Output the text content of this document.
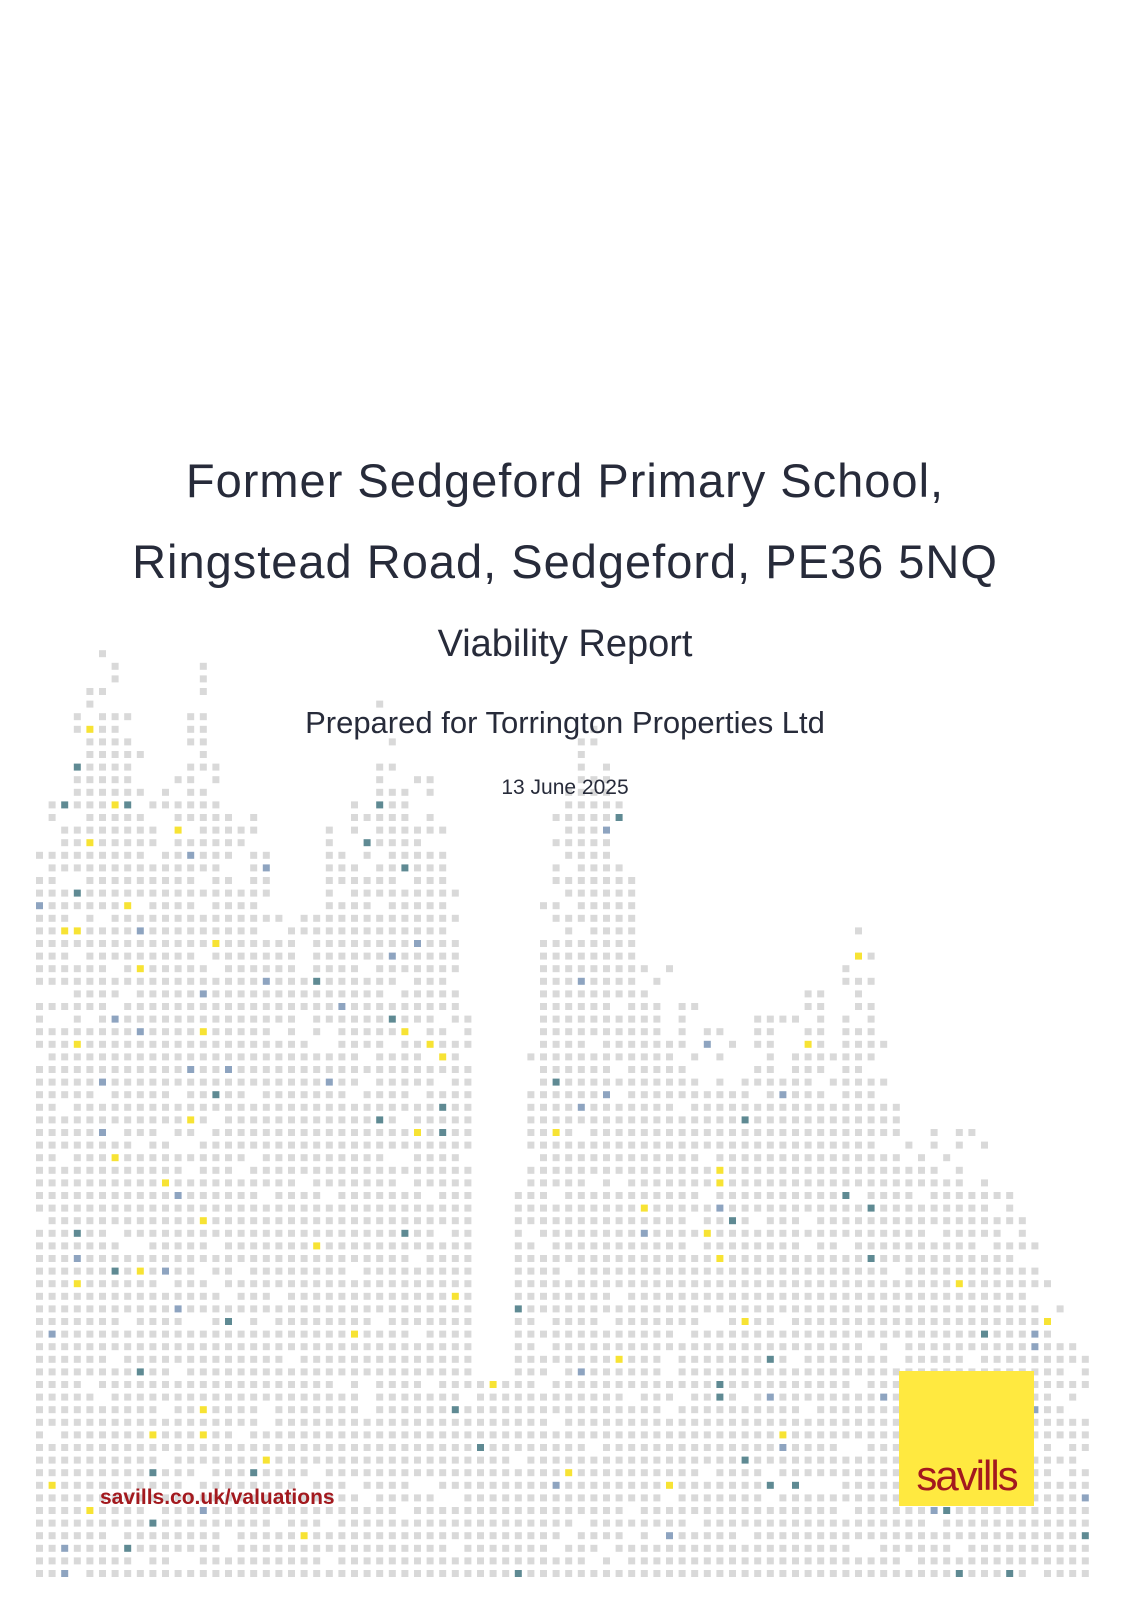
Former Sedgeford Primary School,
Ringstead Road, Sedgeford, PE36 5NQ
Viability Report
Prepared for Torrington Properties Ltd
13 June 2025
savills.co.uk/valuations	savills
